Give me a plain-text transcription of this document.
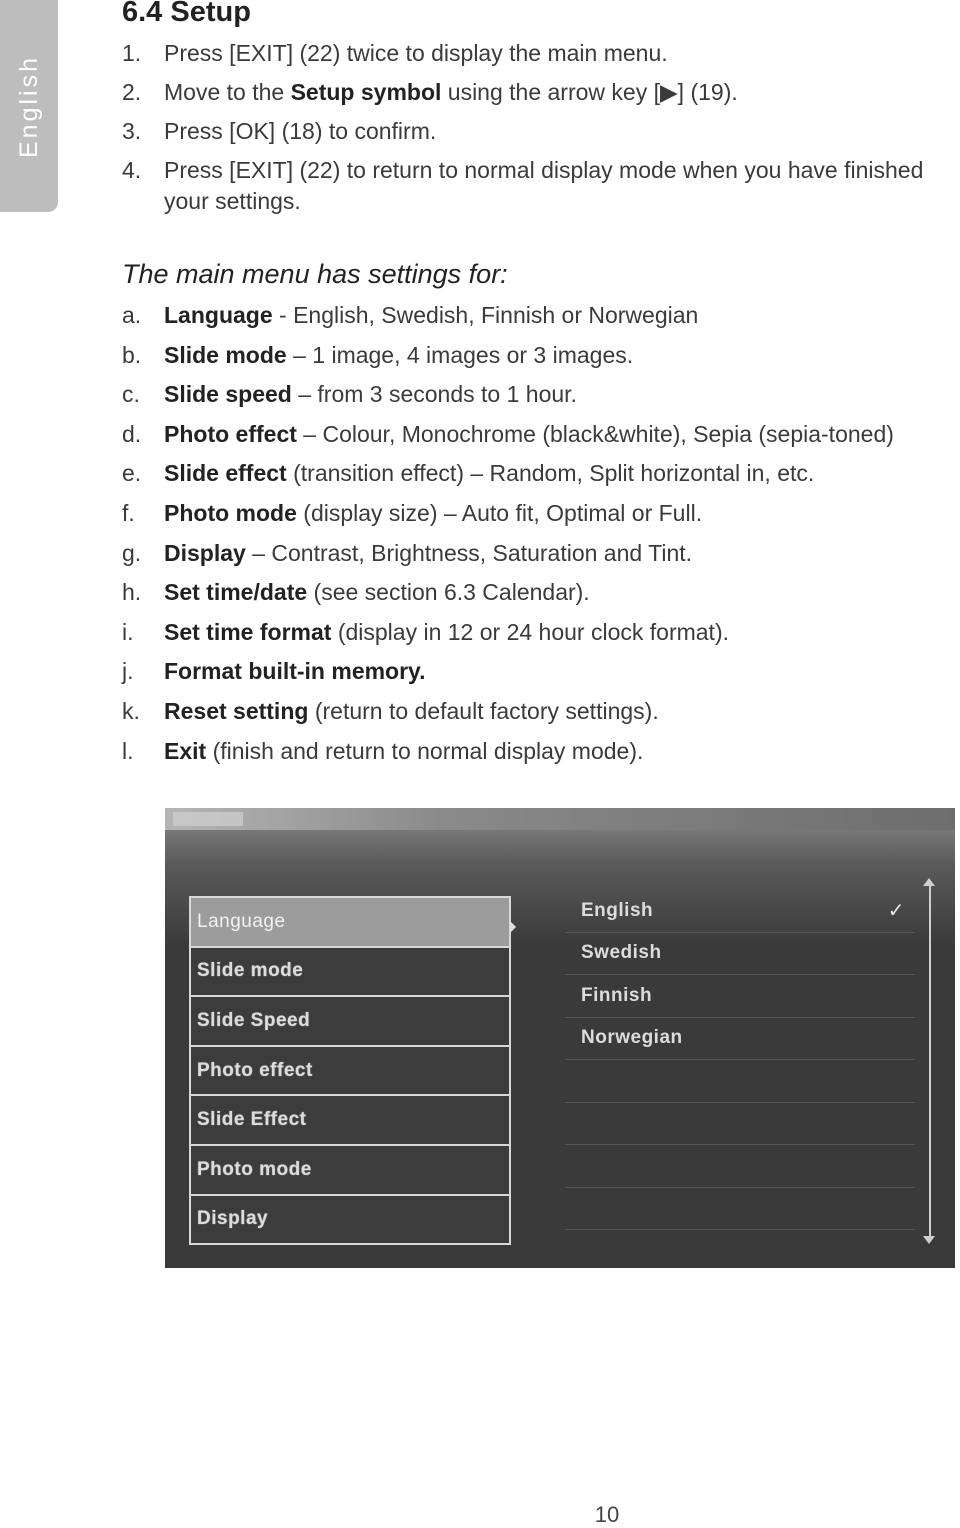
English
6.4 Setup
1. Press [EXIT] (22) twice to display the main menu.
2. Move to the Setup symbol using the arrow key [▶] (19).
3. Press [OK] (18) to confirm.
4. Press [EXIT] (22) to return to normal display mode when you have finished your settings.
The main menu has settings for:
a. Language - English, Swedish, Finnish or Norwegian
b. Slide mode – 1 image, 4 images or 3 images.
c. Slide speed – from 3 seconds to 1 hour.
d. Photo effect – Colour, Monochrome (black&white), Sepia (sepia-toned)
e. Slide effect (transition effect) – Random, Split horizontal in, etc.
f. Photo mode (display size) – Auto fit, Optimal or Full.
g. Display – Contrast, Brightness, Saturation and Tint.
h. Set time/date (see section 6.3 Calendar).
i. Set time format (display in 12 or 24 hour clock format).
j. Format built-in memory.
k. Reset setting (return to default factory settings).
l. Exit (finish and return to normal display mode).
Language
Slide mode
Slide Speed
Photo effect
Slide Effect
Photo mode
Display
English	✓
Swedish
Finnish
Norwegian
10
